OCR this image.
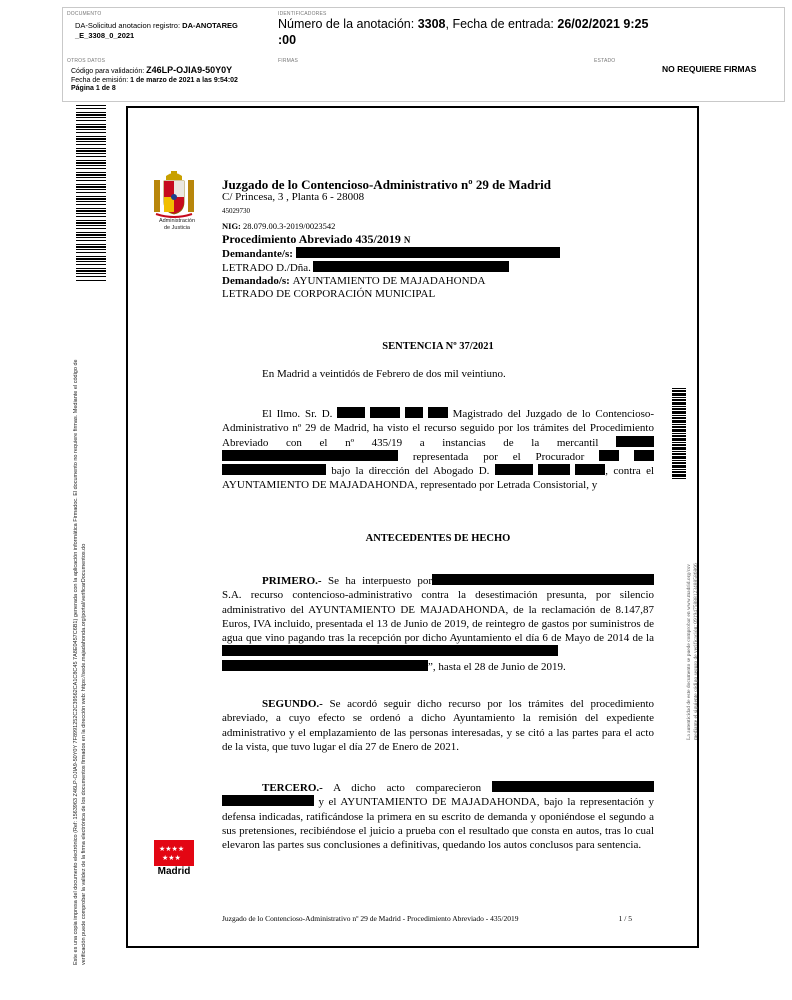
DOCUMENTO
DA-Solicitud anotacion registro: DA-ANOTAREG
_E_3308_0_2021
IDENTIFICADORES
Número de la anotación: 3308, Fecha de entrada: 26/02/2021 9:25
:00
OTROS DATOS
Código para validación: Z46LP-OJIA9-50Y0Y
Fecha de emisión: 1 de marzo de 2021 a las 9:54:02
Página 1 de 8
FIRMAS	ESTADO
NO REQUIERE FIRMAS
Este es una copia impresa del documento electrónico (Ref: 1563963 Z46LP-OJIA9-50Y0Y 7F8991252C2C39562CA1C8C45 7A8E0457C6B1) generada con la aplicación informática Firmadoc. El documento no requiere firmas. Mediante el código de verificación puede comprobar la validez de la firma electrónica de los documentos firmados en la dirección web: https://sede.majadahonda.org/portal/verificarDocumentos.do
Administración
de Justicia
Juzgado de lo Contencioso-Administrativo nº 29 de Madrid
C/ Princesa, 3 , Planta 6 - 28008
45029730
NIG: 28.079.00.3-2019/0023542
Procedimiento Abreviado 435/2019 N
Demandante/s:
LETRADO D./Dña.
Demandado/s: AYUNTAMIENTO DE MAJADAHONDA
LETRADO DE CORPORACIÓN MUNICIPAL
SENTENCIA Nº 37/2021
En Madrid a veintidós de Febrero de dos mil veintiuno.
El Ilmo. Sr. D.	Magistrado del Juzgado de lo Contencioso- Administrativo nº 29 de Madrid, ha visto el recurso seguido por los trámites del Procedimiento Abreviado con el nº 435/19 a instancias de la mercantil   representada por el Procurador    bajo la dirección del Abogado D.	, contra el AYUNTAMIENTO DE MAJADAHONDA, representado por Letrada Consistorial, y
ANTECEDENTES DE HECHO
PRIMERO.- Se ha interpuesto por S.A. recurso contencioso-administrativo contra la desestimación presunta, por silencio administrativo del AYUNTAMIENTO DE MAJADAHONDA, de la reclamación de 8.147,87 Euros, IVA incluido, presentada el 13 de Junio de 2019, de reintegro de gastos por suministros de agua que vino pagando tras la recepción por dicho Ayuntamiento el día 6 de Mayo de 2014 de la  ”, hasta el 28 de Junio de 2019.
SEGUNDO.- Se acordó seguir dicho recurso por los trámites del procedimiento abreviado, a cuyo efecto se ordenó a dicho Ayuntamiento la remisión del expediente administrativo y el emplazamiento de las personas interesadas, y se citó a las partes para el acto de la vista, que tuvo lugar el día 27 de Enero de 2021.
TERCERO.- A dicho acto comparecieron   y el AYUNTAMIENTO DE MAJADAHONDA, bajo la representación y defensa indicadas, ratificándose la primera en su escrito de demanda y oponiéndose el segundo a sus pretensiones, recibiéndose el juicio a prueba con el resultado que consta en autos, tras lo cual elevaron las partes sus conclusiones a definitivas, quedando los autos conclusos para sentencia.
★★★★
★★★
Madrid
Juzgado de lo Contencioso-Administrativo nº 29 de Madrid - Procedimiento Abreviado - 435/2019	1 / 5
La autenticidad de este documento se puede comprobar en www.madrid.org/csv mediante el siguiente código seguro de verificación: 0919475888123488586866
